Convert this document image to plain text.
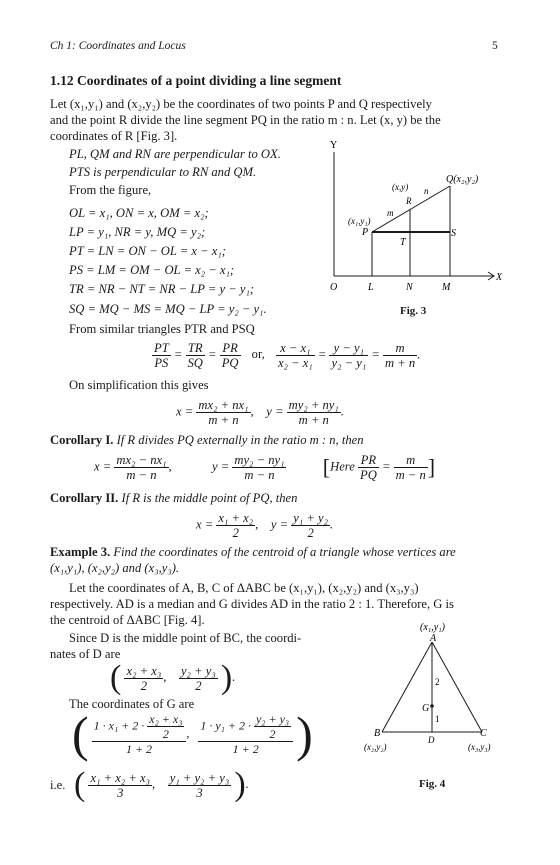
Ch 1: Coordinates and Locus	5
1.12 Coordinates of a point dividing a line segment
Let (x₁,y₁) and (x₂,y₂) be the coordinates of two points P and Q respectively
and the point R divide the line segment PQ in the ratio m : n. Let (x, y) be the
coordinates of R [Fig. 3].
PL, QM and RN are perpendicular to OX.
PTS is perpendicular to RN and QM.
From the figure,
OL = x₁, ON = x, OM = x₂;
LP = y₁, NR = y, MQ = y₂;
PT = LN = ON − OL = x − x₁;
PS = LM = OM − OL = x₂ − x₁;
TR = NR − NT = NR − LP = y − y₁;
SQ = MQ − MS = MQ − LP = y₂ − y₁.
Y
X
O	L	N	M
P	S
T
R
m
n
Q(x₂,y₂)
(x,y)
(x₁,y₁)
Fig. 3
From similar triangles PTR and PSQ
$\frac{PT}{PS} = \frac{TR}{SQ} = \frac{PR}{PQ}$ or, $\frac{\text{x − x₁}}{\text{x₂ − x₁}} = \frac{\text{y − y₁}}{\text{y₂ − y₁}} = \frac{m}{m + n}$ .
On simplification this gives
$x = \frac{\text{mx₂ + nx₁}}{m + n}$ ,    $y = \frac{\text{my₂ + ny₁}}{m + n}$ .
Corollary I. If R divides PQ externally in the ratio m : n, then
$x = \frac{\text{mx₂ − nx₁}}{m - n}$ ,	$y = \frac{\text{my₂ − ny₁}}{m - n}$ [Here $\frac{PR}{PQ} = \frac{m}{m - n}$ ]
Corollary II. If R is the middle point of PQ, then
$x = \frac{\text{x₁ + x₂}}{2}$ ,    $y = \frac{\text{y₁ + y₂}}{2}$ .
Example 3. Find the coordinates of the centroid of a triangle whose vertices are
(x₁,y₁), (x₂,y₂) and (x₃,y₃).
Let the coordinates of A, B, C of ΔABC be (x₁,y₁), (x₂,y₂) and (x₃,y₃)
respectively. AD is a median and G divides AD in the ratio 2 : 1. Therefore, G is
the centroid of ΔABC [Fig. 4].
Since D is the middle point of BC, the coordi-
nates of D are
( $\frac{\text{x₂ + x₃}}{2}$ , $\frac{\text{y₂ + y₃}}{2}$ ).
The coordinates of G are
( $\frac{1 \cdot x_1 + 2 \cdot \frac{\text{x₂ + x₃}}{2}}{1 + 2}$ , $\frac{1 \cdot y_1 + 2 \cdot \frac{\text{y₂ + y₃}}{2}}{1 + 2}$ )
i.e. ( $\frac{\text{x₁ + x₂ + x₃}}{3}$ , $\frac{\text{y₁ + y₂ + y₃}}{3}$ ).
(x₁,y₁)
A
2
G
1
B	C
D
(x₂,y₂)	(x₃,y₃)
Fig. 4
